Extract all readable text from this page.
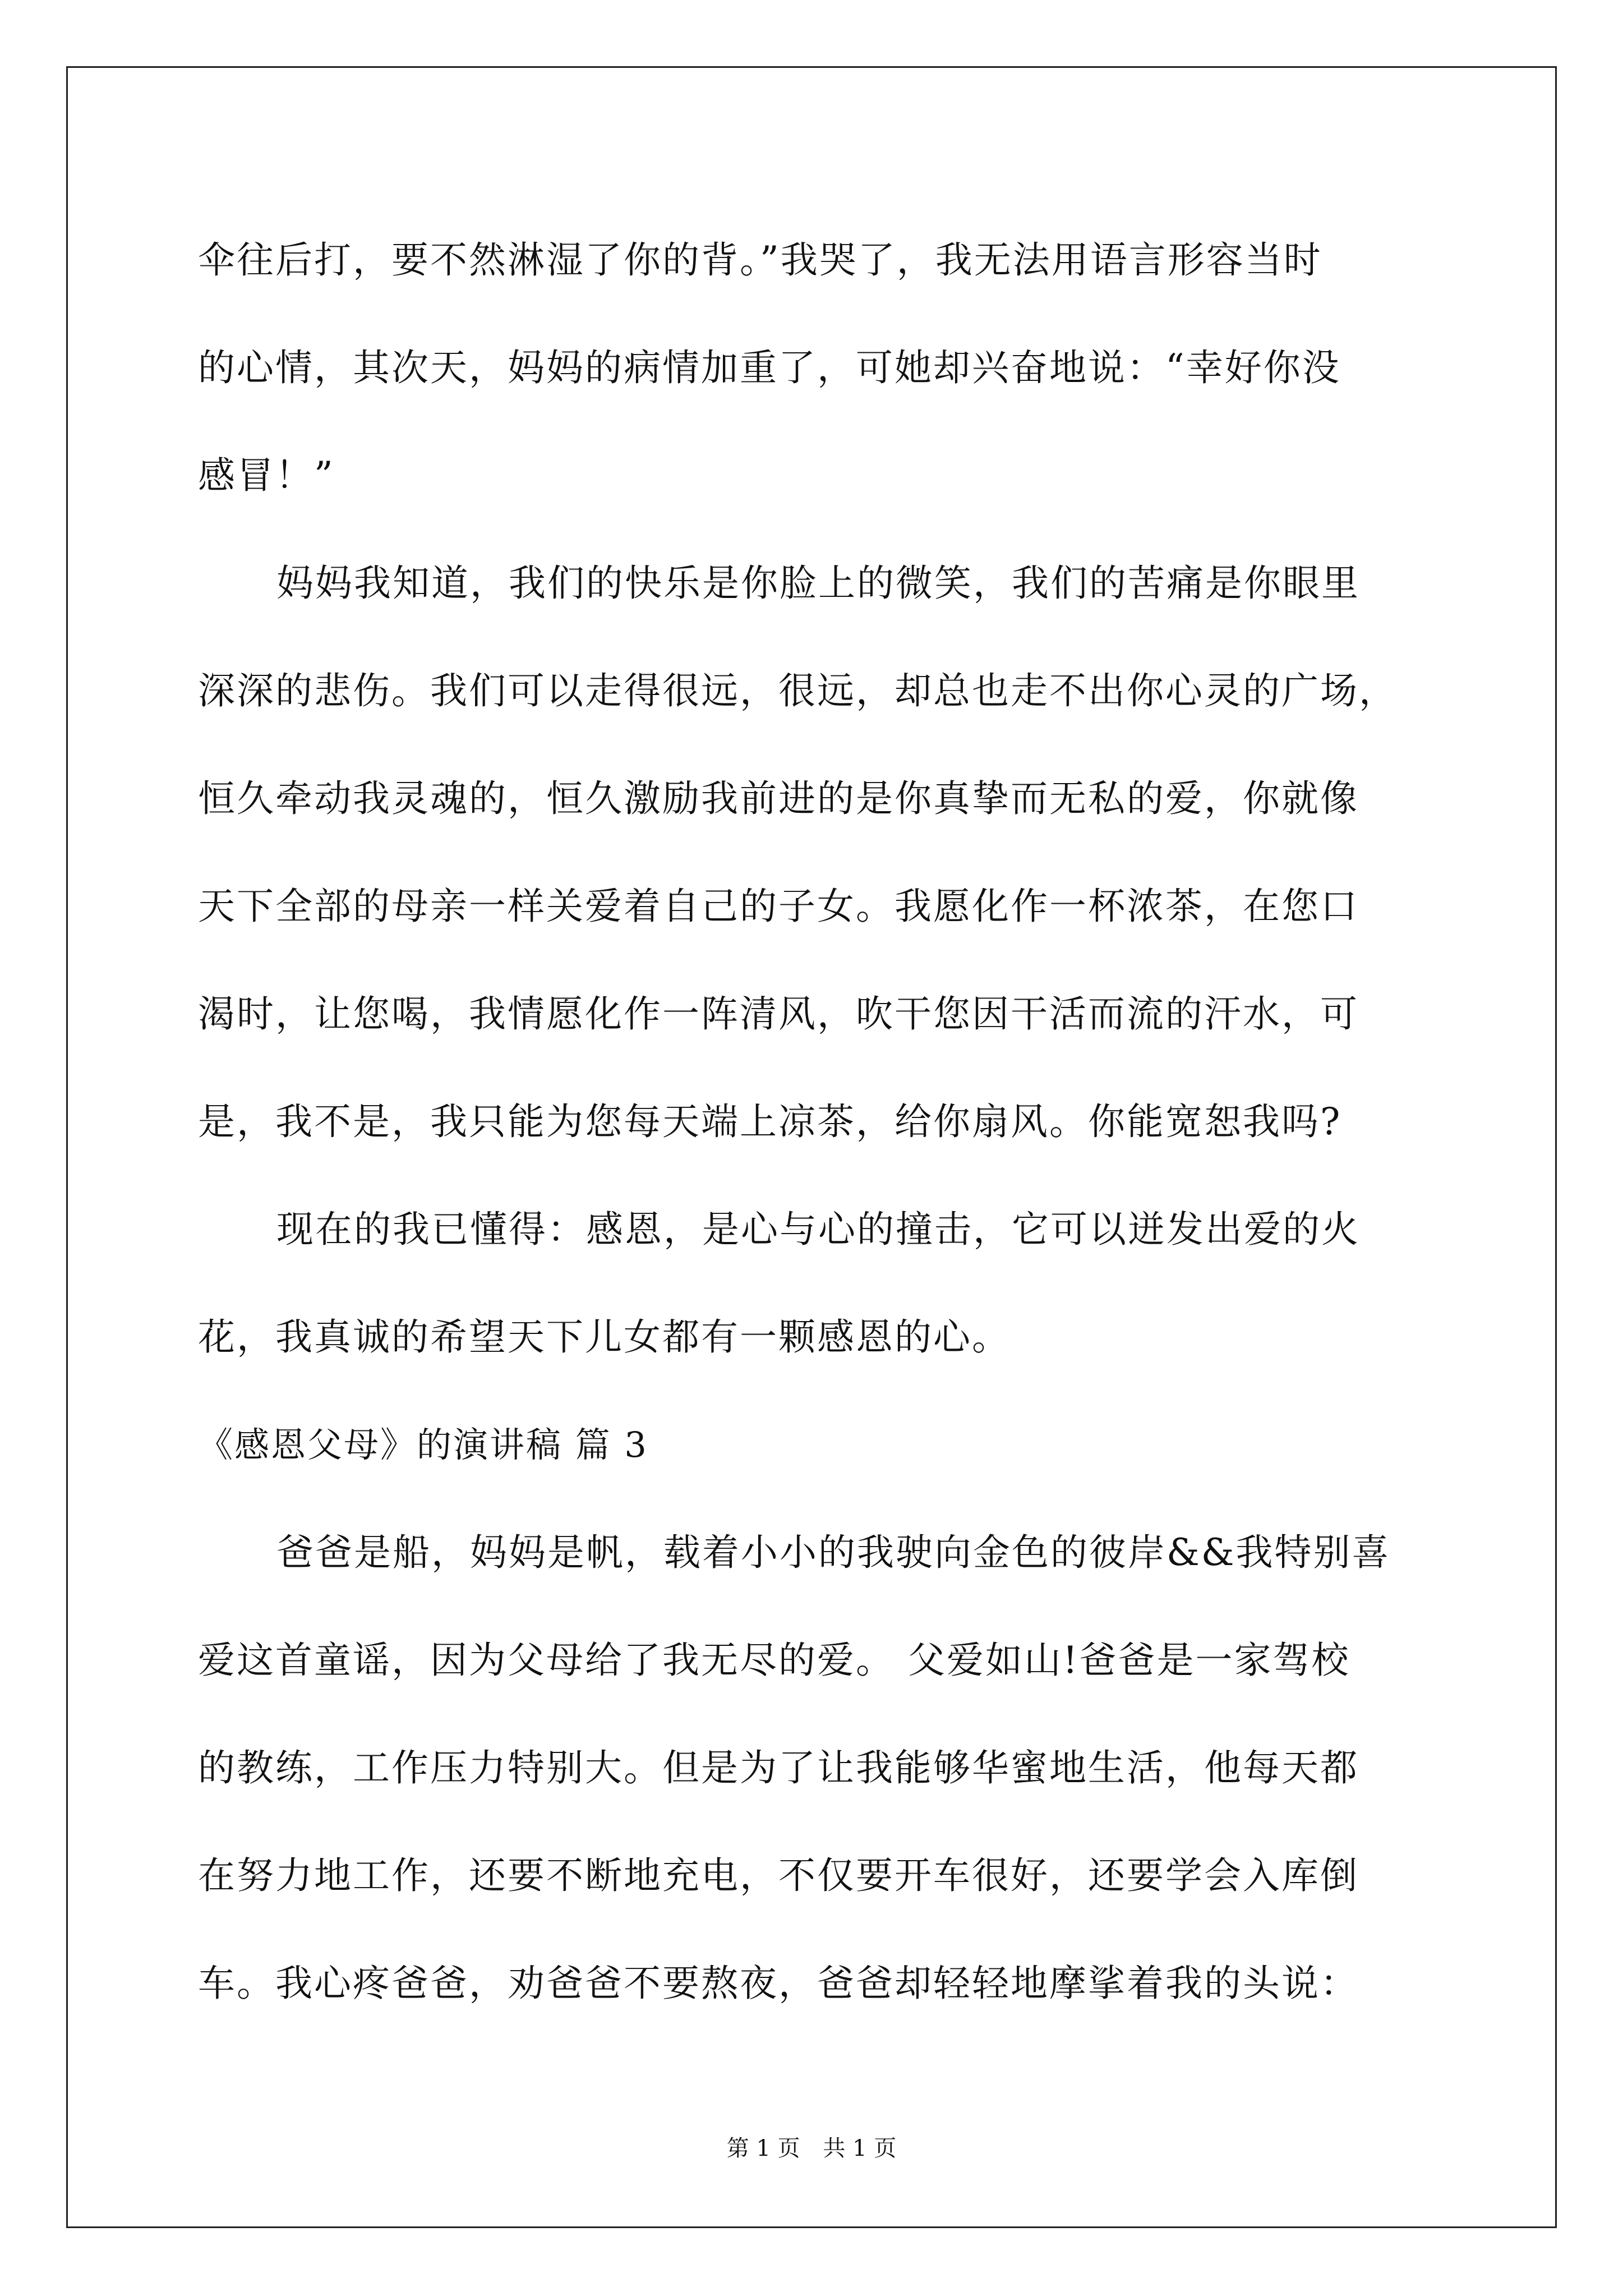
伞往后打，要不然淋湿了你的背。”我哭了，我无法用语言形容当时
的心情，其次天，妈妈的病情加重了，可她却兴奋地说：“幸好你没
感冒！”
妈妈我知道，我们的快乐是你脸上的微笑，我们的苦痛是你眼里
深深的悲伤。我们可以走得很远，很远，却总也走不出你心灵的广场，
恒久牵动我灵魂的，恒久激励我前进的是你真挚而无私的爱，你就像
天下全部的母亲一样关爱着自己的子女。我愿化作一杯浓茶，在您口
渴时，让您喝，我情愿化作一阵清风，吹干您因干活而流的汗水，可
是，我不是，我只能为您每天端上凉茶，给你扇风。你能宽恕我吗?
现在的我已懂得：感恩，是心与心的撞击，它可以迸发出爱的火
花，我真诚的希望天下儿女都有一颗感恩的心。
《感恩父母》的演讲稿 篇 3
爸爸是船，妈妈是帆，载着小小的我驶向金色的彼岸&&我特别喜
爱这首童谣，因为父母给了我无尽的爱。 父爱如山!爸爸是一家驾校
的教练，工作压力特别大。但是为了让我能够华蜜地生活，他每天都
在努力地工作，还要不断地充电，不仅要开车很好，还要学会入库倒
车。我心疼爸爸，劝爸爸不要熬夜，爸爸却轻轻地摩挲着我的头说：
第 1 页 共 1 页
